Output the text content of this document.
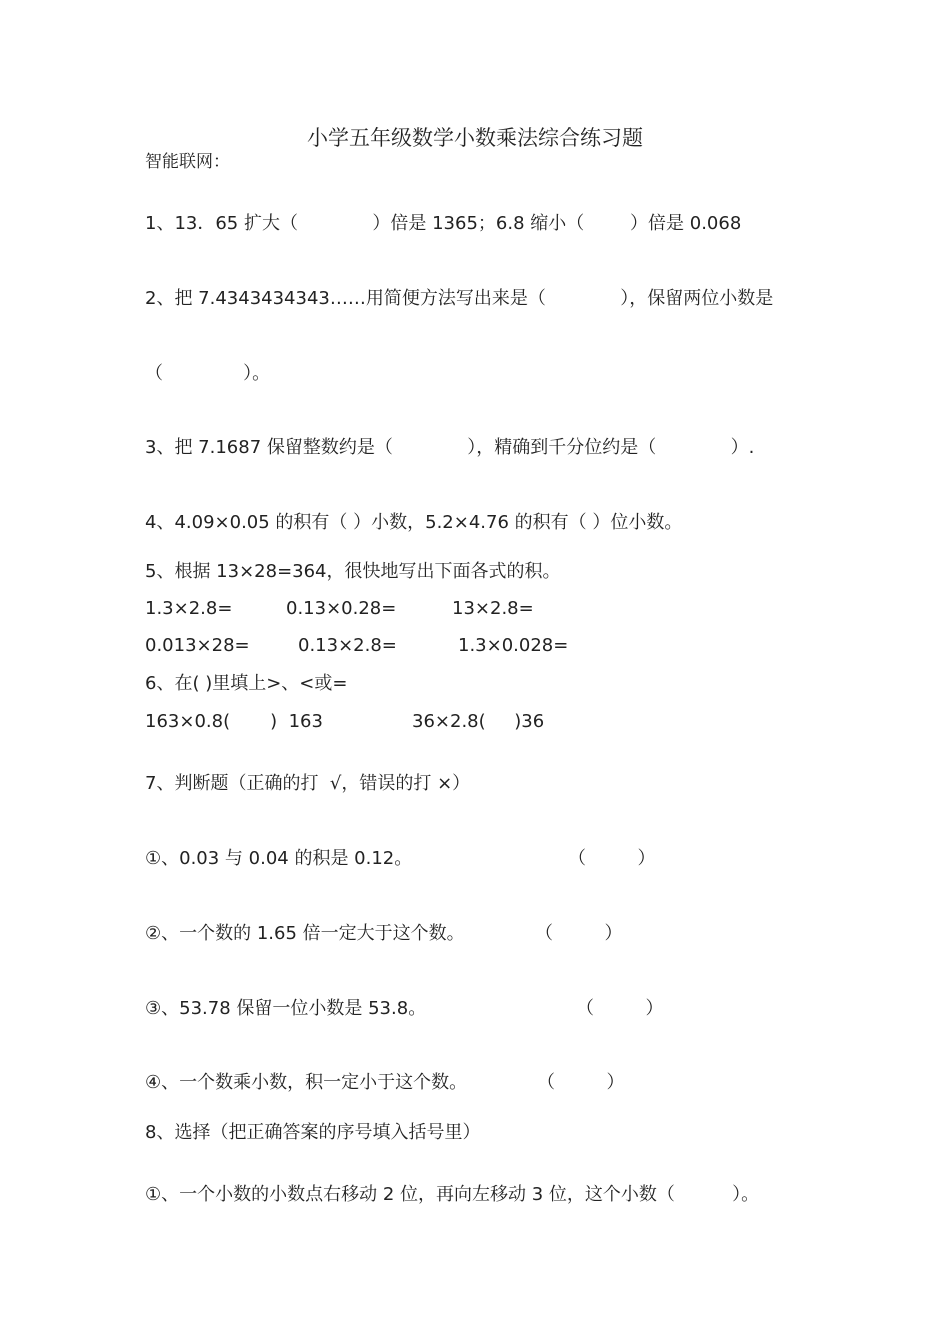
小学五年级数学小数乘法综合练习题
智能联网：
1、13．65 扩大（             ）倍是 1365；6.8 缩小（        ）倍是 0.068
2、把 7.4343434343……用简便方法写出来是（             ），保留两位小数是
（              ）。
3、把 7.1687 保留整数约是（             ），精确到千分位约是（             ）.
4、4.09×0.05 的积有（ ）小数，5.2×4.76 的积有（ ）位小数。
5、根据 13×28=364，很快地写出下面各式的积。
1.3×2.8=	0.13×0.28=	13×2.8=
0.013×28=	0.13×2.8=	1.3×0.028=
6、在( )里填上>、<或=
163×0.8(       )  163	36×2.8(     )36
7、判断题（正确的打  √，错误的打 ×）
①、0.03 与 0.04 的积是 0.12。	（         ）
②、一个数的 1.65 倍一定大于这个数。	（         ）
③、53.78 保留一位小数是 53.8。	（         ）
④、一个数乘小数，积一定小于这个数。	（         ）
8、选择（把正确答案的序号填入括号里）
①、一个小数的小数点右移动 2 位，再向左移动 3 位，这个小数（          ）。
